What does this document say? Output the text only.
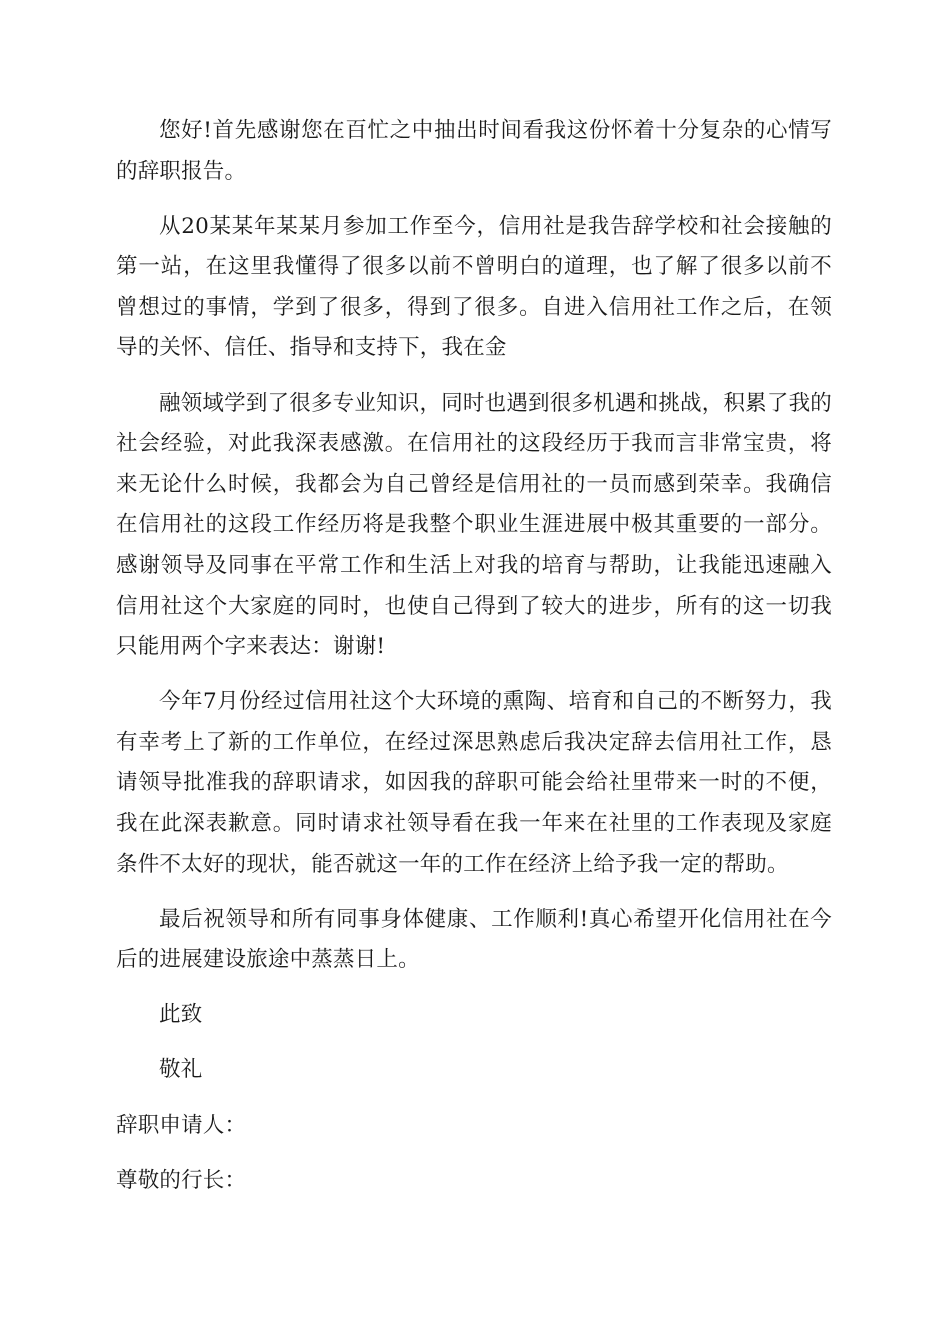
您好!首先感谢您在百忙之中抽出时间看我这份怀着十分复杂的心情写的辞职报告。

从20某某年某某月参加工作至今，信用社是我告辞学校和社会接触的第一站，在这里我懂得了很多以前不曾明白的道理，也了解了很多以前不曾想过的事情，学到了很多，得到了很多。自进入信用社工作之后，在领导的关怀、信任、指导和支持下，我在金

融领域学到了很多专业知识，同时也遇到很多机遇和挑战，积累了我的社会经验，对此我深表感激。在信用社的这段经历于我而言非常宝贵，将来无论什么时候，我都会为自己曾经是信用社的一员而感到荣幸。我确信在信用社的这段工作经历将是我整个职业生涯进展中极其重要的一部分。感谢领导及同事在平常工作和生活上对我的培育与帮助，让我能迅速融入信用社这个大家庭的同时，也使自己得到了较大的进步，所有的这一切我只能用两个字来表达：谢谢!

今年7月份经过信用社这个大环境的熏陶、培育和自己的不断努力，我有幸考上了新的工作单位，在经过深思熟虑后我决定辞去信用社工作，恳请领导批准我的辞职请求，如因我的辞职可能会给社里带来一时的不便，我在此深表歉意。同时请求社领导看在我一年来在社里的工作表现及家庭条件不太好的现状，能否就这一年的工作在经济上给予我一定的帮助。

最后祝领导和所有同事身体健康、工作顺利!真心希望开化信用社在今后的进展建设旅途中蒸蒸日上。

此致

敬礼

辞职申请人：

尊敬的行长：
